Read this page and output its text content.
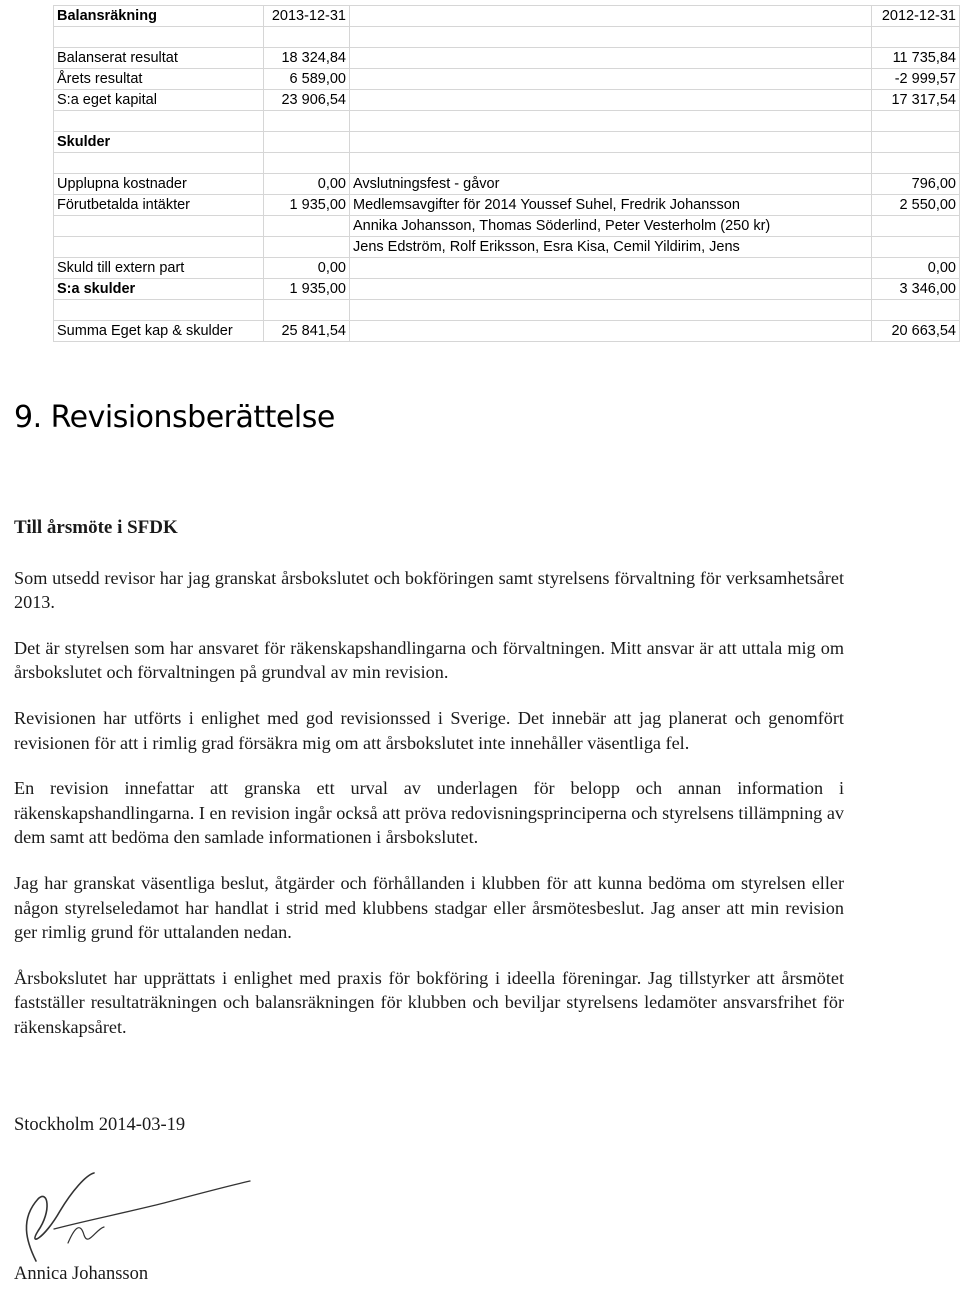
Balansräkning	2013-12-31		2012-12-31

Balanserat resultat	18 324,84		11 735,84
Årets resultat	6 589,00		-2 999,57
S:a eget kapital	23 906,54		17 317,54

Skulder			

Upplupna kostnader	0,00	Avslutningsfest - gåvor	796,00
Förutbetalda intäkter	1 935,00	Medlemsavgifter för 2014 Youssef Suhel, Fredrik Johansson	2 550,00
		Annika Johansson, Thomas Söderlind, Peter Vesterholm (250 kr)	
		Jens Edström, Rolf Eriksson, Esra Kisa, Cemil Yildirim, Jens	
Skuld till extern part	0,00		0,00
S:a skulder	1 935,00		3 346,00

Summa Eget kap & skulder	25 841,54		20 663,54
9. Revisionsberättelse

Till årsmöte i SFDK

Som utsedd revisor har jag granskat årsbokslutet och bokföringen samt styrelsens förvaltning för verksamhetsåret 2013.

Det är styrelsen som har ansvaret för räkenskapshandlingarna och förvaltningen. Mitt ansvar är att uttala mig om årsbokslutet och förvaltningen på grundval av min revision.

Revisionen har utförts i enlighet med god revisionssed i Sverige. Det innebär att jag planerat och genomfört revisionen för att i rimlig grad försäkra mig om att årsbokslutet inte innehåller väsentliga fel.

En revision innefattar att granska ett urval av underlagen för belopp och annan information i räkenskapshandlingarna. I en revision ingår också att pröva redovisningsprinciperna och styrelsens tillämpning av dem samt att bedöma den samlade informationen i årsbokslutet.

Jag har granskat väsentliga beslut, åtgärder och förhållanden i klubben för att kunna bedöma om styrelsen eller någon styrelseledamot har handlat i strid med klubbens stadgar eller årsmötesbeslut. Jag anser att min revision ger rimlig grund för uttalanden nedan.

Årsbokslutet har upprättats i enlighet med praxis för bokföring i ideella föreningar. Jag tillstyrker att årsmötet fastställer resultaträkningen och balansräkningen för klubben och beviljar styrelsens ledamöter ansvarsfrihet för räkenskapsåret.

Stockholm 2014-03-19

Annica Johansson
